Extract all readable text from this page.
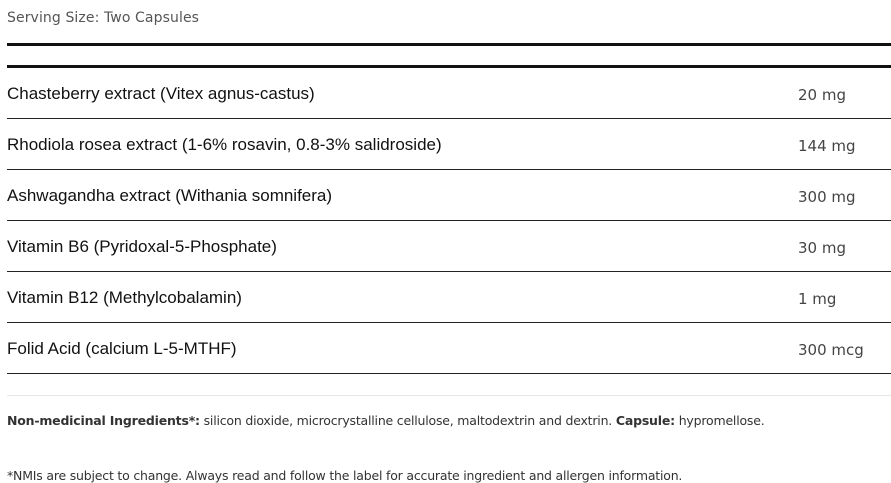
Serving Size: Two Capsules
Chasteberry extract (Vitex agnus-castus)	20 mg
Rhodiola rosea extract (1-6% rosavin, 0.8-3% salidroside)	144 mg
Ashwagandha extract (Withania somnifera)	300 mg
Vitamin B6 (Pyridoxal-5-Phosphate)	30 mg
Vitamin B12 (Methylcobalamin)	1 mg
Folid Acid (calcium L-5-MTHF)	300 mcg
Non-medicinal Ingredients*: silicon dioxide, microcrystalline cellulose, maltodextrin and dextrin. Capsule: hypromellose.
*NMIs are subject to change. Always read and follow the label for accurate ingredient and allergen information.
